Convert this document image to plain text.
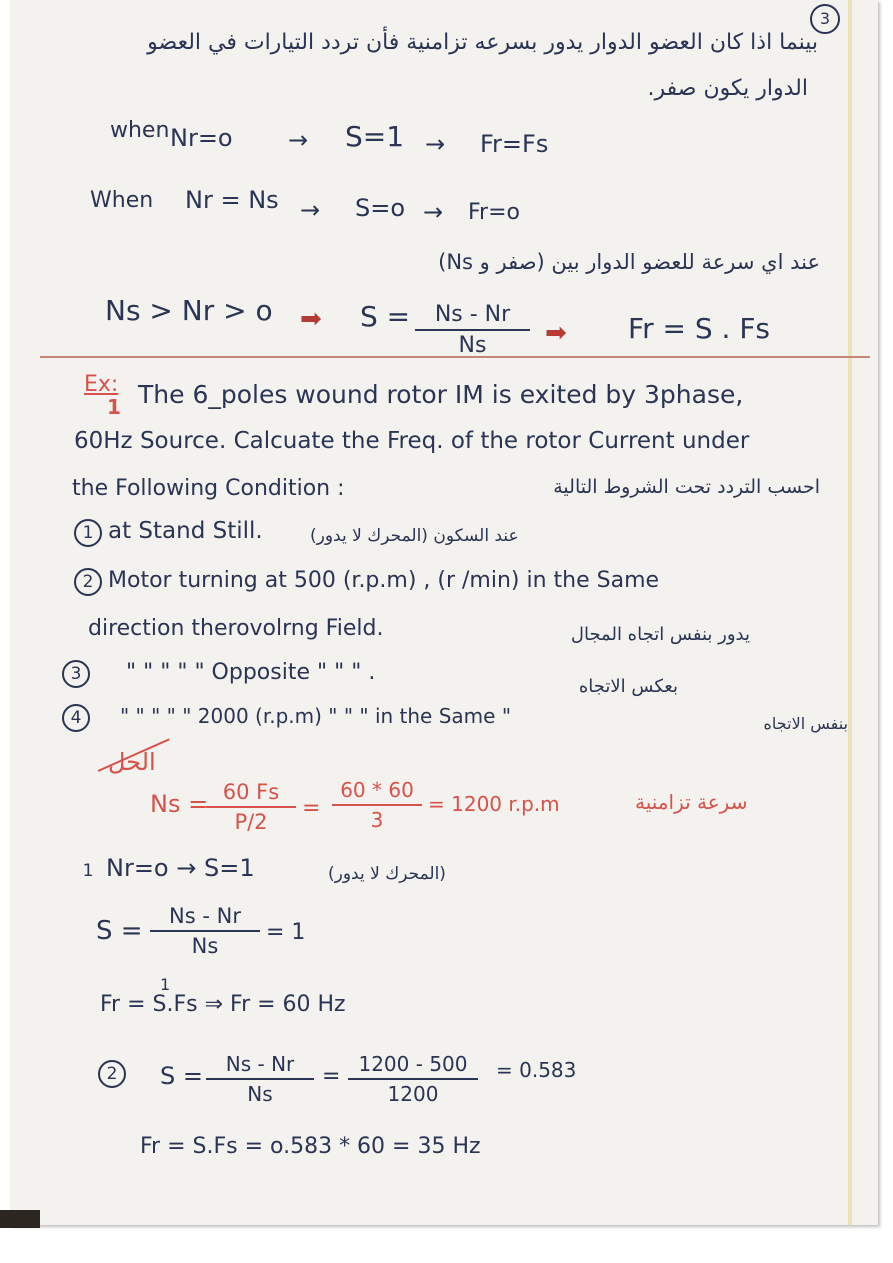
3
بينما اذا كان العضو الدوار يدور بسرعه تزامنية فأن تردد التيارات في العضو
الدوار يكون صفر.
when Nr=o → S=1 → Fr=Fs
When Nr = Ns → S=o → Fr=o
عند اي سرعة للعضو الدوار بين (صفر و Ns)
Ns > Nr > o ➡ S =	Ns - Nr
Ns	➡ Fr = S . Fs
Ex:
1 The 6_poles wound rotor IM is exited by 3phase,
60Hz Source. Calcuate the Freq. of the rotor Current under
the Following Condition :	احسب التردد تحت الشروط التالية
1 at Stand Still.	عند السكون (المحرك لا يدور)
2 Motor turning at 500 (r.p.m) , (r /min) in the Same
direction therovolrng Field.	يدور بنفس اتجاه المجال
3 " " " " " Opposite " " " .
بعكس الاتجاه
4 " " " " " 2000 (r.p.m) " " " in the Same "	بنفس الاتجاه
الحل
Ns = 60 Fs
P/2
=
60 * 60
3
= 1200 r.p.m	سرعة تزامنية
1 Nr=o → S=1	(المحرك لا يدور)
S =	Ns - Nr
Ns
= 1
1
Fr = S.Fs ⇒ Fr = 60 Hz
2	S =	Ns - Nr
Ns
= 1200 - 500
1200
= 0.583
Fr = S.Fs = o.583 * 60 = 35 Hz
